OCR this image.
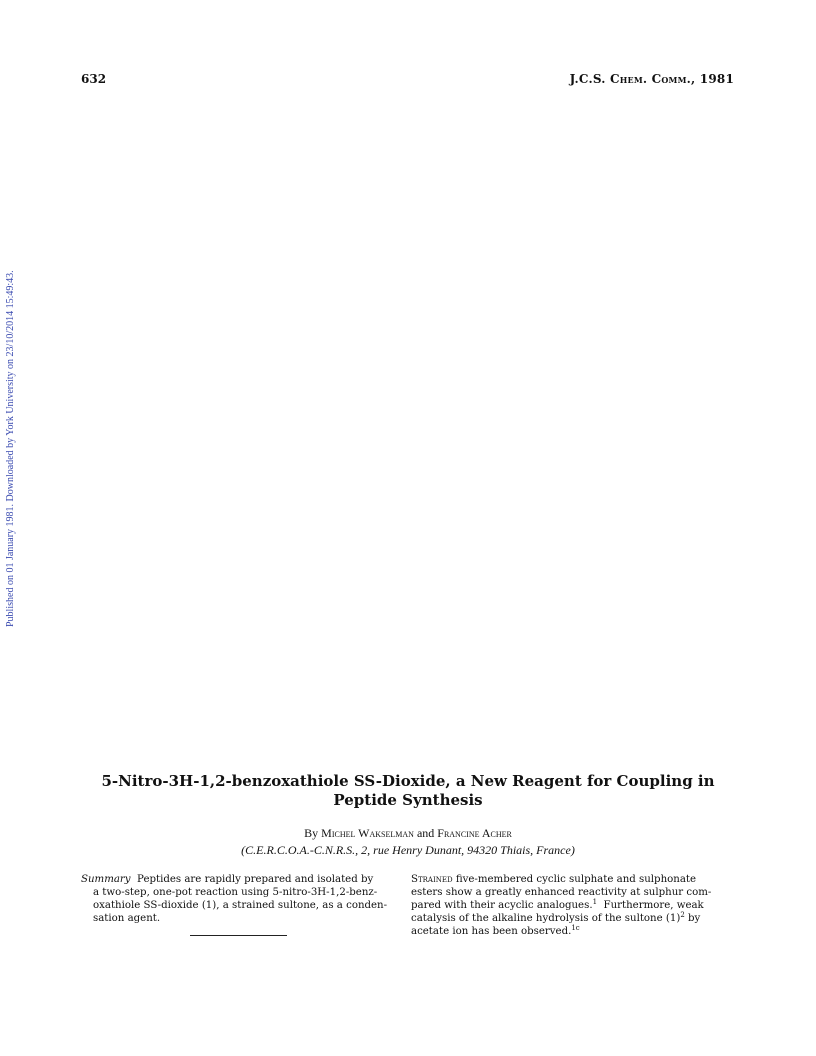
632	J.C.S. Chem. Comm., 1981
Published on 01 January 1981. Downloaded by York University on 23/10/2014 15:49:43.
5-Nitro-3H-1,2-benzoxathiole SS-Dioxide, a New Reagent for Coupling in
Peptide Synthesis
By Michel Wakselman and Francine Acher
(C.E.R.C.O.A.-C.N.R.S., 2, rue Henry Dunant, 94320 Thiais, France)
Summary Peptides are rapidly prepared and isolated by
a two-step, one-pot reaction using 5-nitro-3H-1,2-benz-
oxathiole SS-dioxide (1), a strained sultone, as a conden-
sation agent.
Strained five-membered cyclic sulphate and sulphonate
esters show a greatly enhanced reactivity at sulphur com-
pared with their acyclic analogues.$^1$ Furthermore, weak
catalysis of the alkaline hydrolysis of the sultone $(1)^2$ by
acetate ion has been observed.$^{1c}$
